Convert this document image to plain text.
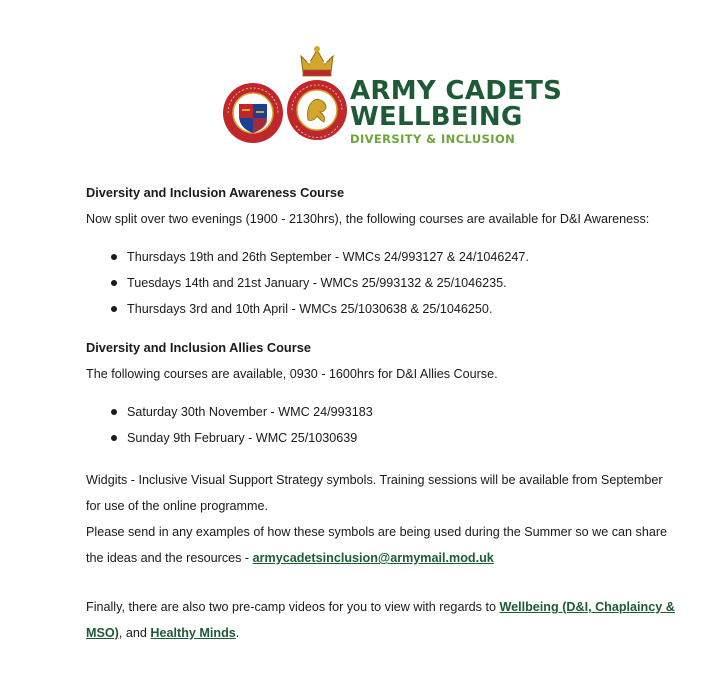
ARMY CADETS
WELLBEING
DIVERSITY & INCLUSION
Diversity and Inclusion Awareness Course
Now split over two evenings (1900 - 2130hrs), the following courses are available for D&I Awareness:
Thursdays 19th and 26th September - WMCs 24/993127 & 24/1046247.
Tuesdays 14th and 21st January - WMCs 25/993132 & 25/1046235.
Thursdays 3rd and 10th April - WMCs 25/1030638 & 25/1046250.
Diversity and Inclusion Allies Course
The following courses are available, 0930 - 1600hrs for D&I Allies Course.
Saturday 30th November - WMC 24/993183
Sunday 9th February - WMC 25/1030639
Widgits - Inclusive Visual Support Strategy symbols. Training sessions will be available from September
for use of the online programme.
Please send in any examples of how these symbols are being used during the Summer so we can share
the ideas and the resources - armycadetsinclusion@armymail.mod.uk
Finally, there are also two pre-camp videos for you to view with regards to Wellbeing (D&I, Chaplaincy &
MSO), and Healthy Minds.
